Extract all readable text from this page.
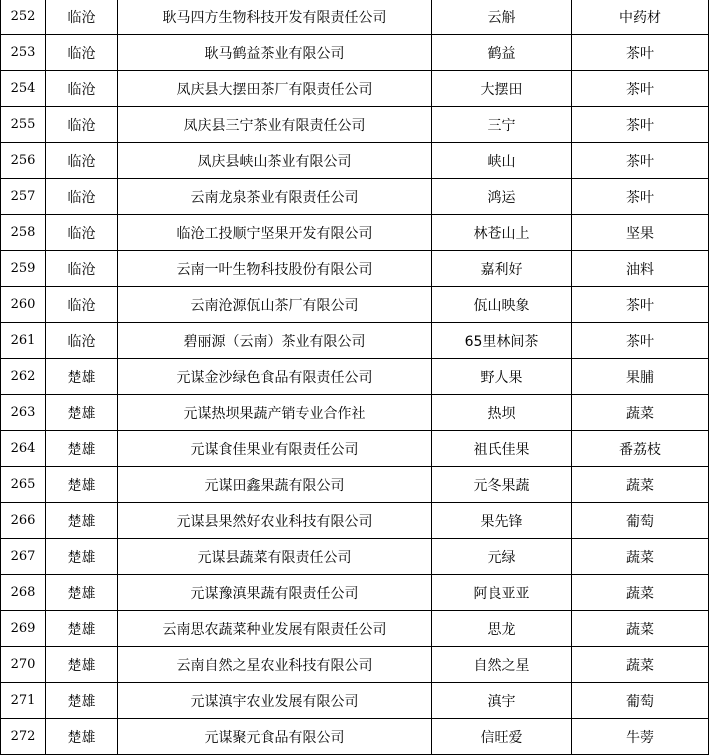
252	临沧	耿马四方生物科技开发有限责任公司	云斛	中药材
253	临沧	耿马鹤益茶业有限公司	鹤益	茶叶
254	临沧	凤庆县大摆田茶厂有限责任公司	大摆田	茶叶
255	临沧	凤庆县三宁茶业有限责任公司	三宁	茶叶
256	临沧	凤庆县峡山茶业有限公司	峡山	茶叶
257	临沧	云南龙泉茶业有限责任公司	鸿运	茶叶
258	临沧	临沧工投顺宁坚果开发有限公司	林苍山上	坚果
259	临沧	云南一叶生物科技股份有限公司	嘉利好	油料
260	临沧	云南沧源佤山茶厂有限公司	佤山映象	茶叶
261	临沧	碧丽源（云南）茶业有限公司	65里林间茶	茶叶
262	楚雄	元谋金沙绿色食品有限责任公司	野人果	果脯
263	楚雄	元谋热坝果蔬产销专业合作社	热坝	蔬菜
264	楚雄	元谋食佳果业有限责任公司	祖氏佳果	番荔枝
265	楚雄	元谋田鑫果蔬有限公司	元冬果蔬	蔬菜
266	楚雄	元谋县果然好农业科技有限公司	果先锋	葡萄
267	楚雄	元谋县蔬菜有限责任公司	元绿	蔬菜
268	楚雄	元谋豫滇果蔬有限责任公司	阿良亚亚	蔬菜
269	楚雄	云南思农蔬菜种业发展有限责任公司	思龙	蔬菜
270	楚雄	云南自然之星农业科技有限公司	自然之星	蔬菜
271	楚雄	元谋滇宇农业发展有限公司	滇宇	葡萄
272	楚雄	元谋聚元食品有限公司	信旺爱	牛蒡
